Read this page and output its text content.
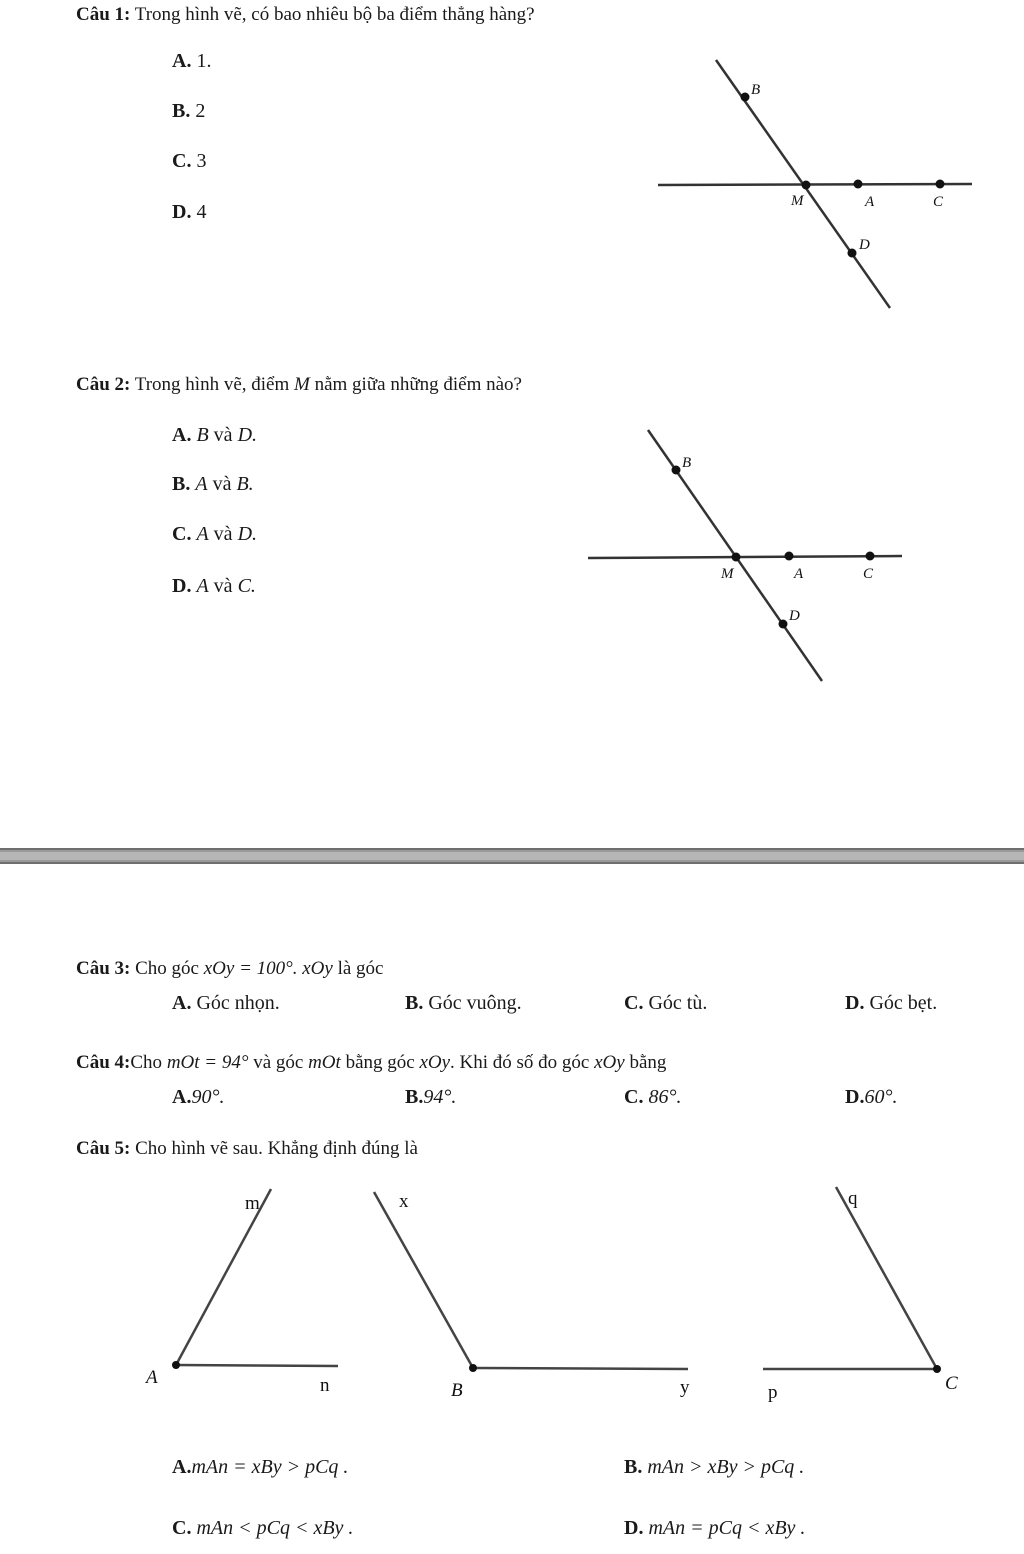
Câu 1: Trong hình vẽ, có bao nhiêu bộ ba điểm thẳng hàng?
A. 1.
B. 2
C. 3
D. 4
B
M	A	C
D
B
M	A	C
D
m
A	n
x
B	y
q
p	C
Câu 2: Trong hình vẽ, điểm M nằm giữa những điểm nào?
A. B và D.
B. A và B.
C. A và D.
D. A và C.
Câu 3: Cho góc xOy = 100°. xOy là góc
A. Góc nhọn.	B. Góc vuông.	C. Góc tù.	D. Góc bẹt.
Câu 4:Cho mOt = 94° và góc mOt bằng góc xOy. Khi đó số đo góc xOy bằng
A.90°.	B.94°.	C. 86°.	D.60°.
Câu 5: Cho hình vẽ sau. Khẳng định đúng là
A.mAn = xBy > pCq .	B. mAn > xBy > pCq .
C. mAn < pCq < xBy .	D. mAn = pCq < xBy .
